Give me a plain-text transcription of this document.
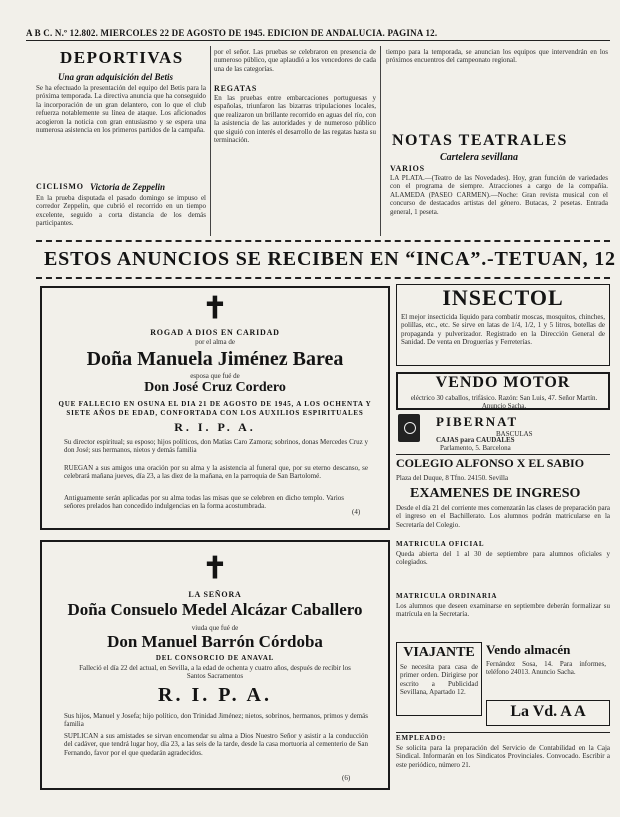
A B C. N.º 12.802. MIERCOLES 22 DE AGOSTO DE 1945. EDICION DE ANDALUCIA. PAGINA 12.
DEPORTIVAS
Una gran adquisición del Betis
Se ha efectuado la presentación del equipo del Betis para la próxima temporada. La directiva anuncia que ha conseguido la incorporación de un gran delantero, con lo que el club refuerza notablemente su línea de ataque. Los aficionados acogieron la noticia con gran entusiasmo y se espera una numerosa asistencia en los primeros partidos de la campaña.
CICLISMO Victoria de Zeppelin
En la prueba disputada el pasado domingo se impuso el corredor Zeppelin, que cubrió el recorrido en un tiempo excelente, seguido a corta distancia de los demás participantes.
por el señor. Las pruebas se celebraron en presencia de numeroso público, que aplaudió a los vencedores de cada una de las categorías.
REGATAS
En las pruebas entre embarcaciones portuguesas y españolas, triunfaron las bizarras tripulaciones locales, que realizaron un brillante recorrido en aguas del río, con la asistencia de las autoridades y de numeroso público que siguió con interés el desarrollo de las regatas hasta su terminación.
tiempo para la temporada, se anuncian los equipos que intervendrán en los próximos encuentros del campeonato regional.
NOTAS TEATRALES
Cartelera sevillana
VARIOS
LA PLATA.—(Teatro de las Novedades). Hoy, gran función de variedades con el programa de siempre. Atracciones a cargo de la compañía. ALAMEDA (PASEO CARMEN).—Noche: Gran revista musical con el concurso de destacados artistas del género. Butacas, 2 pesetas. Entrada general, 1 peseta.
ESTOS ANUNCIOS SE RECIBEN EN “INCA”.-TETUAN, 12
✝
ROGAD A DIOS EN CARIDAD
por el alma de
Doña Manuela Jiménez Barea
esposa que fué de
Don José Cruz Cordero
QUE FALLECIO EN OSUNA EL DIA 21 DE AGOSTO DE 1945, A LOS OCHENTA Y SIETE AÑOS DE EDAD, CONFORTADA CON LOS AUXILIOS ESPIRITUALES
R. I. P. A.
Su director espiritual; su esposo; hijos políticos, don Matías Caro Zamora; sobrinos, donas Mercedes Cruz y don José; sus hermanos, nietos y demás familia
RUEGAN a sus amigos una oración por su alma y la asistencia al funeral que, por su eterno descanso, se celebrará mañana jueves, día 23, a las diez de la mañana, en la parroquia de San Bartolomé.
Antiguamente serán aplicadas por su alma todas las misas que se celebren en dicho templo. Varios señores prelados han concedido indulgencias en la forma acostumbrada.
(4)
✝
LA SEÑORA
Doña Consuelo Medel Alcázar Caballero
viuda que fué de
Don Manuel Barrón Córdoba
DEL CONSORCIO DE ANAVAL
Falleció el día 22 del actual, en Sevilla, a la edad de ochenta y cuatro años, después de recibir los Santos Sacramentos
R. I. P. A.
Sus hijos, Manuel y Josefa; hijo político, don Trinidad Jiménez; nietos, sobrinos, hermanos, primos y demás familia
SUPLICAN a sus amistades se sirvan encomendar su alma a Dios Nuestro Señor y asistir a la conducción del cadáver, que tendrá lugar hoy, día 23, a las seis de la tarde, desde la casa mortuoria al cementerio de San Fernando, favor por el que quedarán agradecidos.
(6)
INSECTOL
El mejor insecticida líquido para combatir moscas, mosquitos, chinches, polillas, etc., etc. Se sirve en latas de 1/4, 1/2, 1 y 5 litros, botellas de propaganda y pulverizador. Registrado en la Dirección General de Sanidad. De venta en Droguerías y Ferreterías.
VENDO MOTOR
eléctrico 30 caballos, trifásico. Razón: San Luis, 47. Señor Martín. Anuncio Sacha.
PIBERNAT
BASCULAS
CAJAS para CAUDALES
Parlamento, 5. Barcelona
COLEGIO ALFONSO X EL SABIO
Plaza del Duque, 8 Tfno. 24150. Sevilla
EXAMENES DE INGRESO
Desde el día 21 del corriente mes comenzarán las clases de preparación para el ingreso en el Bachillerato. Los alumnos podrán matricularse en la Secretaría del Colegio.
MATRICULA OFICIAL
Queda abierta del 1 al 30 de septiembre para alumnos oficiales y colegiados.
MATRICULA ORDINARIA
Los alumnos que deseen examinarse en septiembre deberán formalizar su matrícula en la Secretaría.
VIAJANTE
Se necesita para casa de primer orden. Dirigirse por escrito a Publicidad Sevillana, Apartado 12.
Vendo almacén
Fernández Sosa, 14. Para informes, teléfono 24013. Anuncio Sacha.
La Vd. A A
EMPLEADO:
Se solicita para la preparación del Servicio de Contabilidad en la Caja Sindical. Informarán en los Sindicatos Provinciales. Convocado. Escribir a este periódico, número 21.
